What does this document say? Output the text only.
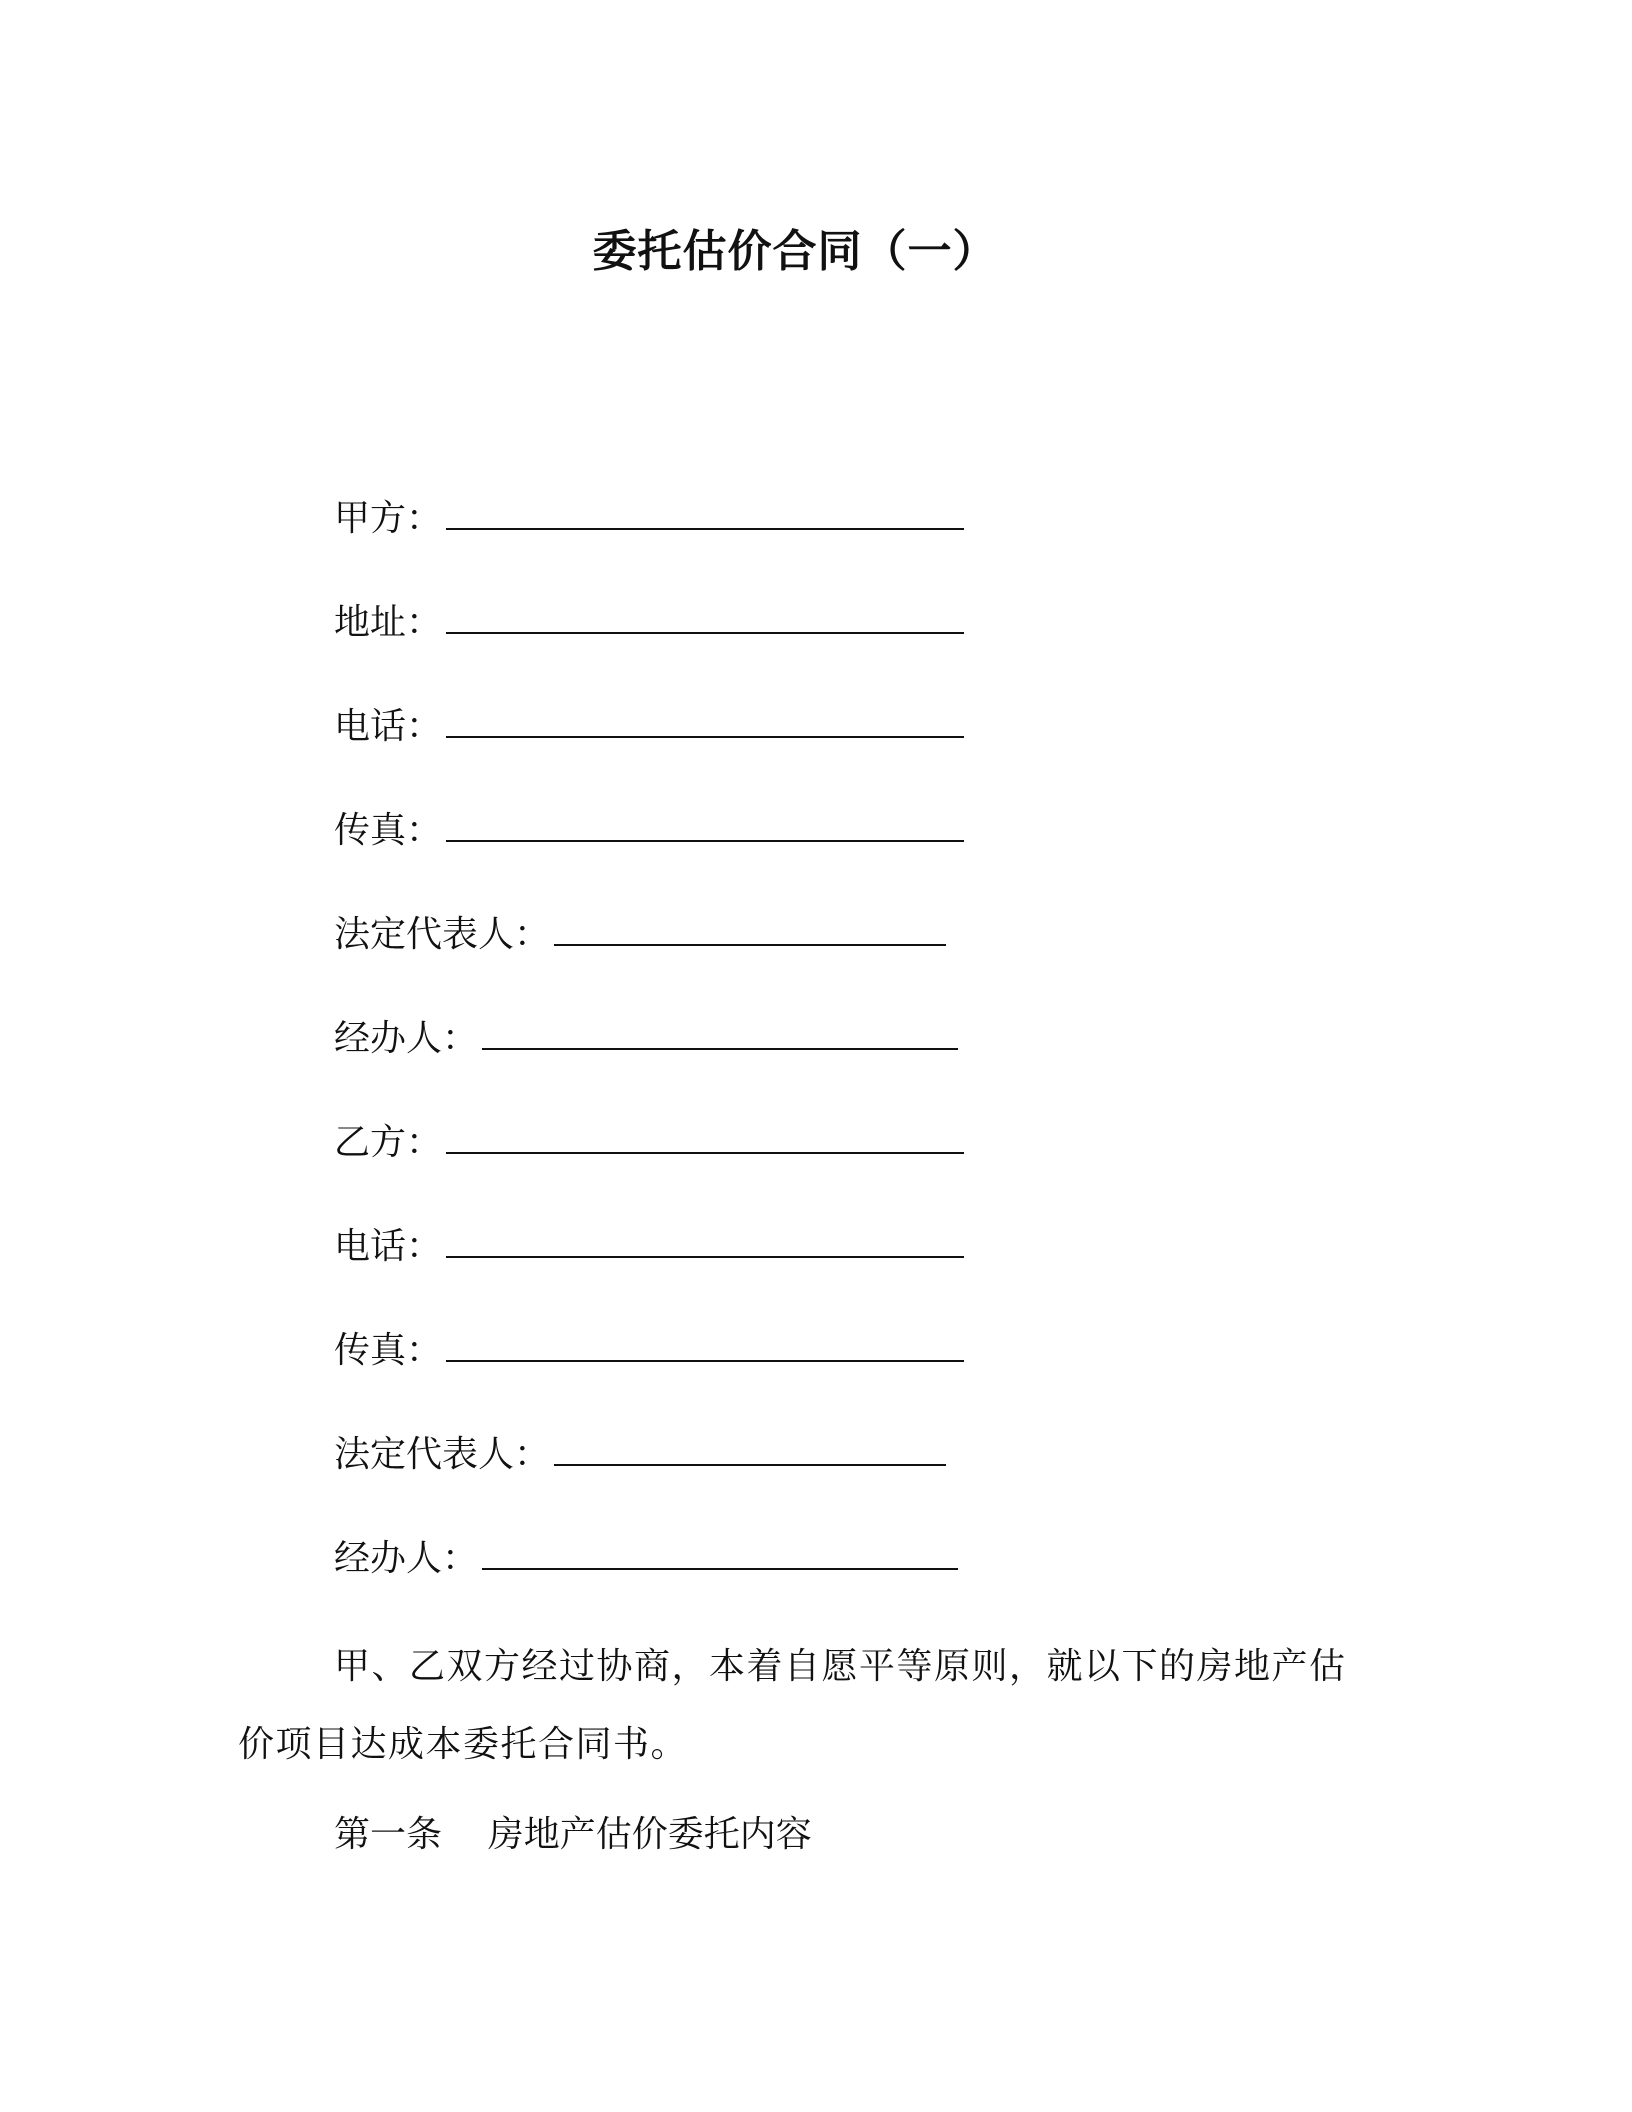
委托估价合同（一）
甲方：
地址：
电话：
传真：
法定代表人：
经办人：
乙方：
电话：
传真：
法定代表人：
经办人：

甲、乙双方经过协商，本着自愿平等原则，就以下的房地产估价项目达成本委托合同书。

第一条 房地产估价委托内容
